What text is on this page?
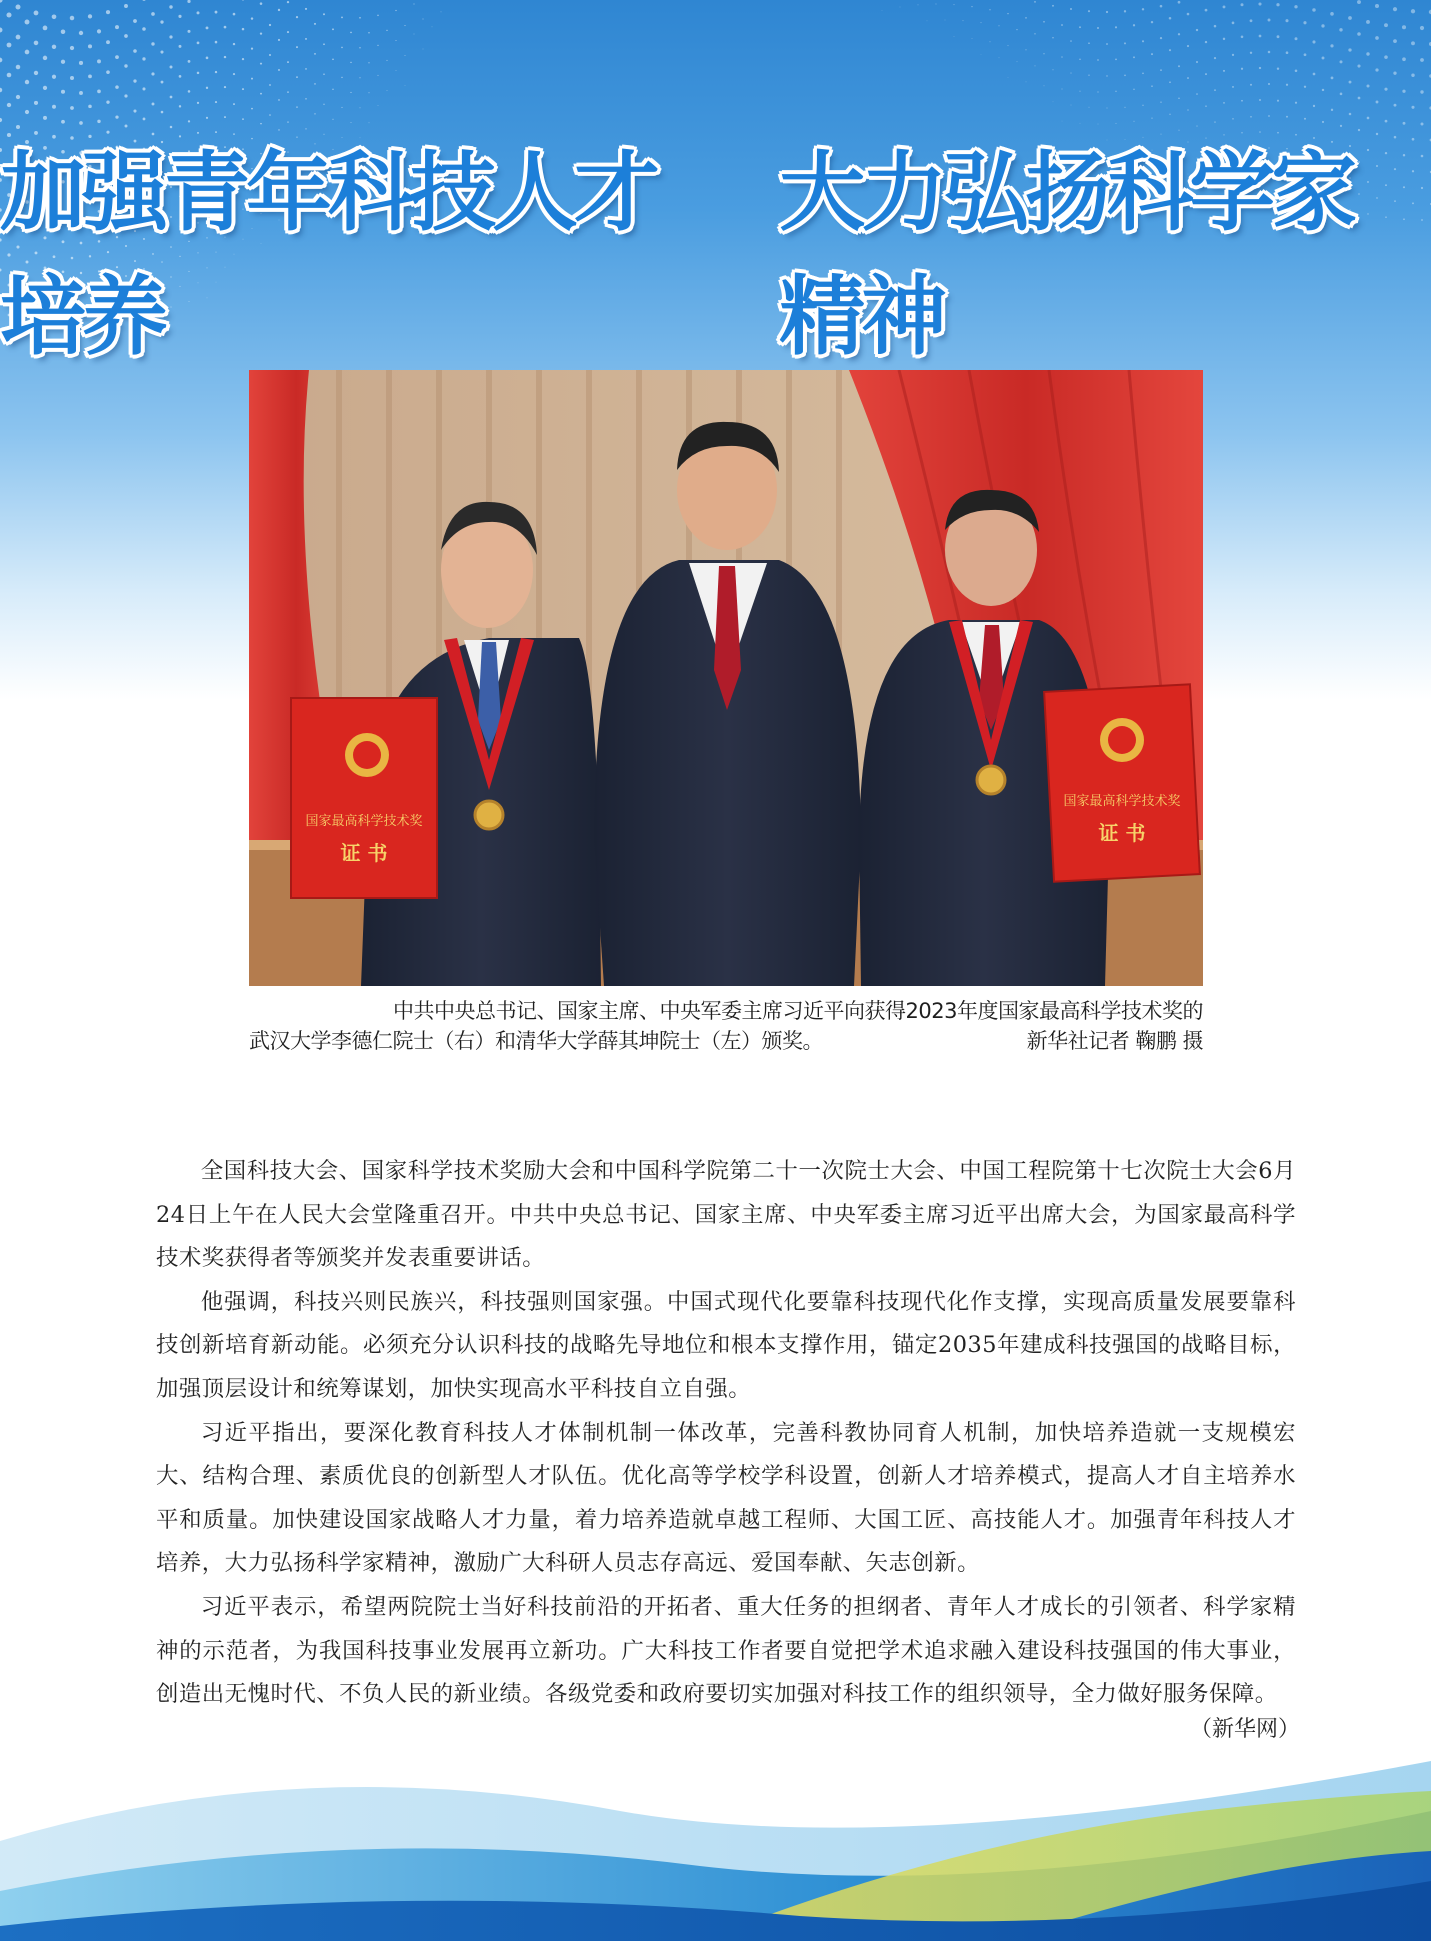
加强青年科技人才培养
大力弘扬科学家精神
国家最高科学技术奖
证 书
国家最高科学技术奖
证 书
中共中央总书记、国家主席、中央军委主席习近平向获得2023年度国家最高科学技术奖的
武汉大学李德仁院士（右）和清华大学薛其坤院士（左）颁奖。	新华社记者 鞠鹏 摄

全国科技大会、国家科学技术奖励大会和中国科学院第二十一次院士大会、中国工程院第十七次院士大会6月24日上午在人民大会堂隆重召开。中共中央总书记、国家主席、中央军委主席习近平出席大会，为国家最高科学技术奖获得者等颁奖并发表重要讲话。

他强调，科技兴则民族兴，科技强则国家强。中国式现代化要靠科技现代化作支撑，实现高质量发展要靠科技创新培育新动能。必须充分认识科技的战略先导地位和根本支撑作用，锚定2035年建成科技强国的战略目标，加强顶层设计和统筹谋划，加快实现高水平科技自立自强。

习近平指出，要深化教育科技人才体制机制一体改革，完善科教协同育人机制，加快培养造就一支规模宏大、结构合理、素质优良的创新型人才队伍。优化高等学校学科设置，创新人才培养模式，提高人才自主培养水平和质量。加快建设国家战略人才力量，着力培养造就卓越工程师、大国工匠、高技能人才。加强青年科技人才培养，大力弘扬科学家精神，激励广大科研人员志存高远、爱国奉献、矢志创新。

习近平表示，希望两院院士当好科技前沿的开拓者、重大任务的担纲者、青年人才成长的引领者、科学家精神的示范者，为我国科技事业发展再立新功。广大科技工作者要自觉把学术追求融入建设科技强国的伟大事业，创造出无愧时代、不负人民的新业绩。各级党委和政府要切实加强对科技工作的组织领导，全力做好服务保障。

（新华网）
